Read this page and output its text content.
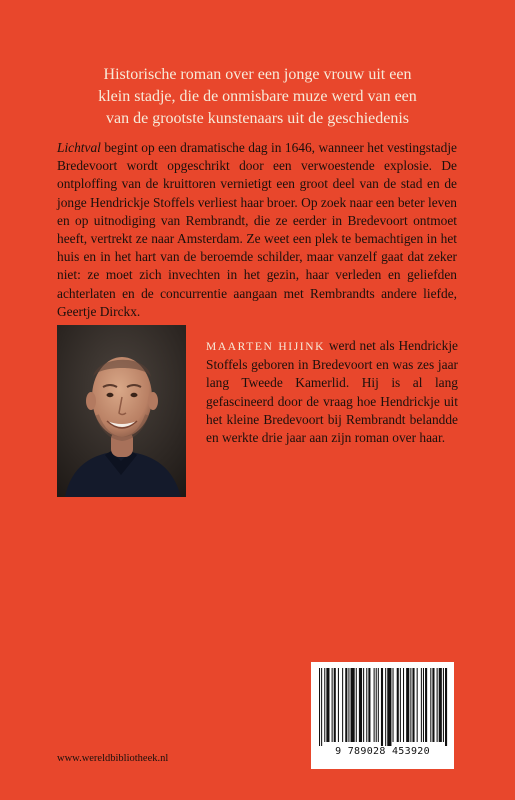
Historische roman over een jonge vrouw uit een
klein stadje, die de onmisbare muze werd van een
van de grootste kunstenaars uit de geschiedenis
Lichtval begint op een dramatische dag in 1646, wanneer het vestingstadje Bredevoort wordt opgeschrikt door een verwoestende explosie. De ontploffing van de kruittoren vernietigt een groot deel van de stad en de jonge Hendrickje Stoffels verliest haar broer. Op zoek naar een beter leven en op uitnodiging van Rembrandt, die ze eerder in Bredevoort ontmoet heeft, vertrekt ze naar Amsterdam. Ze weet een plek te bemachtigen in het huis en in het hart van de beroemde schilder, maar vanzelf gaat dat zeker niet: ze moet zich invechten in het gezin, haar verleden en geliefden achterlaten en de concurrentie aangaan met Rembrandts andere liefde, Geertje Dirckx.
MAARTEN HIJINK werd net als Hendrickje Stoffels geboren in Bredevoort en was zes jaar lang Tweede Kamerlid. Hij is al lang gefascineerd door de vraag hoe Hendrickje uit het kleine Bredevoort bij Rembrandt belandde en werkte drie jaar aan zijn roman over haar.
9 789028 453920
www.wereldbibliotheek.nl
